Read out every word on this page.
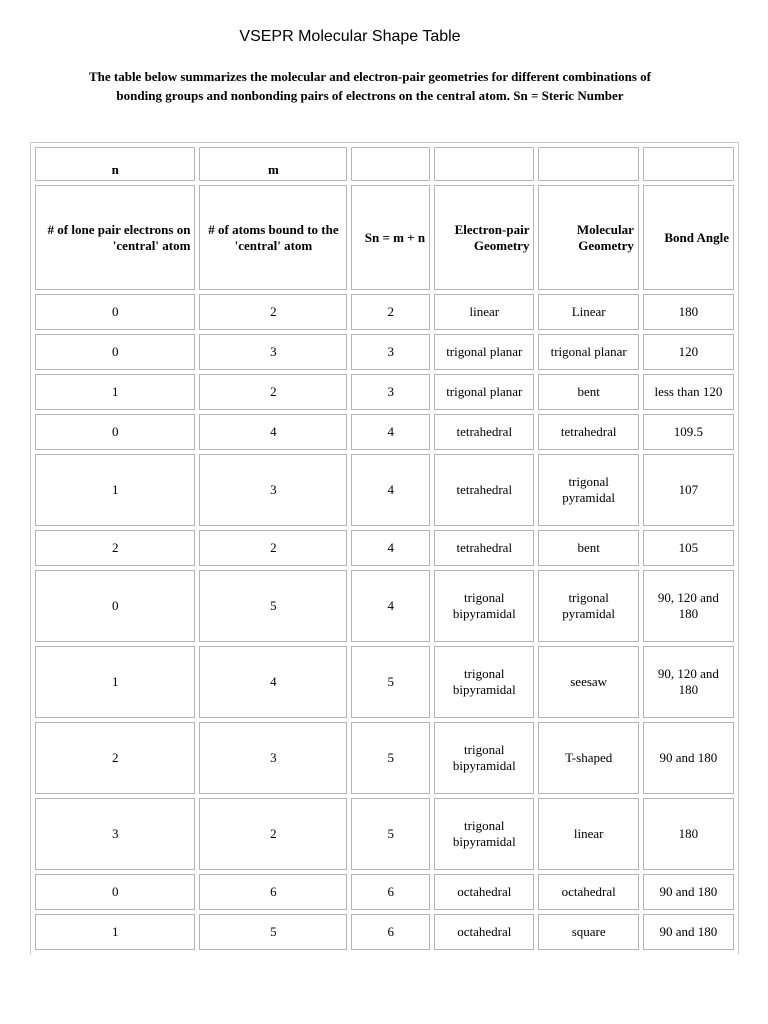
VSEPR Molecular Shape Table
The table below summarizes the molecular and electron-pair geometries for different combinations of
bonding groups and nonbonding pairs of electrons on the central atom. Sn = Steric Number
n	m				
# of lone pair electrons on 'central' atom	# of atoms bound to the 'central' atom	Sn = m + n	Electron-pair Geometry	Molecular Geometry	Bond Angle
0	2	2	linear	Linear	180
0	3	3	trigonal planar	trigonal planar	120
1	2	3	trigonal planar	bent	less than 120
0	4	4	tetrahedral	tetrahedral	109.5
1	3	4	tetrahedral	trigonal pyramidal	107
2	2	4	tetrahedral	bent	105
0	5	4	trigonal bipyramidal	trigonal pyramidal	90, 120 and 180
1	4	5	trigonal bipyramidal	seesaw	90, 120 and 180
2	3	5	trigonal bipyramidal	T-shaped	90 and 180
3	2	5	trigonal bipyramidal	linear	180
0	6	6	octahedral	octahedral	90 and 180
1	5	6	octahedral	square	90 and 180
